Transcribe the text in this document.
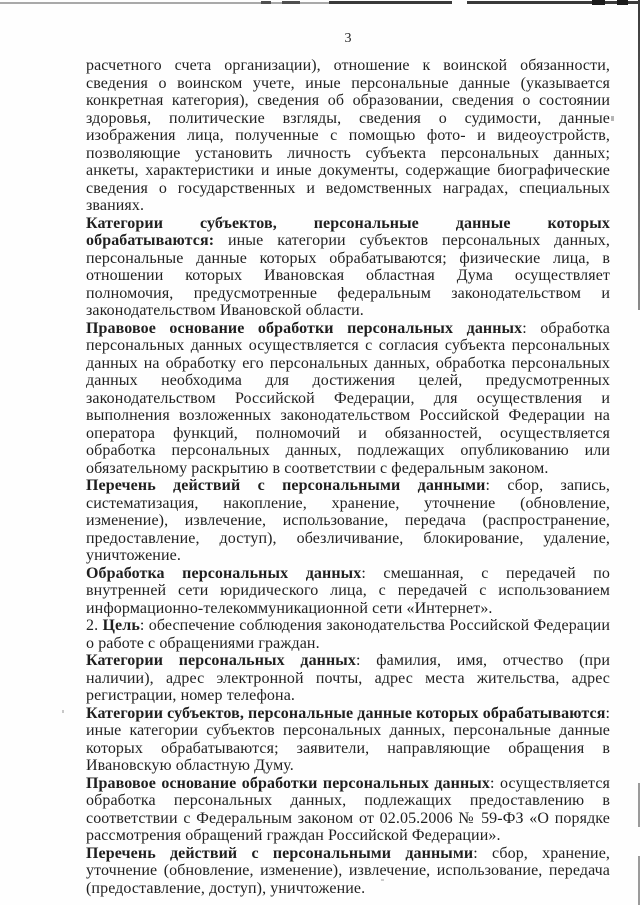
3

расчетного счета организации), отношение к воинской обязанности, сведения о воинском учете, иные персональные данные (указывается конкретная категория), сведения об образовании, сведения о состоянии здоровья, политические взгляды, сведения о судимости, данные изображения лица, полученные с помощью фото- и видеоустройств, позволяющие установить личность субъекта персональных данных; анкеты, характеристики и иные документы, содержащие биографические сведения о государственных и ведомственных наградах, специальных званиях.

Категории субъектов, персональные данные которых обрабатываются: иные категории субъектов персональных данных, персональные данные которых обрабатываются; физические лица, в отношении которых Ивановская областная Дума осуществляет полномочия, предусмотренные федеральным законодательством и законодательством Ивановской области.

Правовое основание обработки персональных данных: обработка персональных данных осуществляется с согласия субъекта персональных данных на обработку его персональных данных, обработка персональных данных необходима для достижения целей, предусмотренных законодательством Российской Федерации, для осуществления и выполнения возложенных законодательством Российской Федерации на оператора функций, полномочий и обязанностей, осуществляется обработка персональных данных, подлежащих опубликованию или обязательному раскрытию в соответствии с федеральным законом.

Перечень действий с персональными данными: сбор, запись, систематизация, накопление, хранение, уточнение (обновление, изменение), извлечение, использование, передача (распространение, предоставление, доступ), обезличивание, блокирование, удаление, уничтожение.

Обработка персональных данных: смешанная, с передачей по внутренней сети юридического лица, с передачей с использованием информационно-телекоммуникационной сети «Интернет».

2. Цель: обеспечение соблюдения законодательства Российской Федерации о работе с обращениями граждан.

Категории персональных данных: фамилия, имя, отчество (при наличии), адрес электронной почты, адрес места жительства, адрес регистрации, номер телефона.

Категории субъектов, персональные данные которых обрабатываются: иные категории субъектов персональных данных, персональные данные которых обрабатываются; заявители, направляющие обращения в Ивановскую областную Думу.

Правовое основание обработки персональных данных: осуществляется обработка персональных данных, подлежащих предоставлению в соответствии с Федеральным законом от 02.05.2006 № 59-ФЗ «О порядке рассмотрения обращений граждан Российской Федерации».

Перечень действий с персональными данными: сбор, хранение, уточнение (обновление, изменение), извлечение, использование, передача (предоставление, доступ), уничтожение.
